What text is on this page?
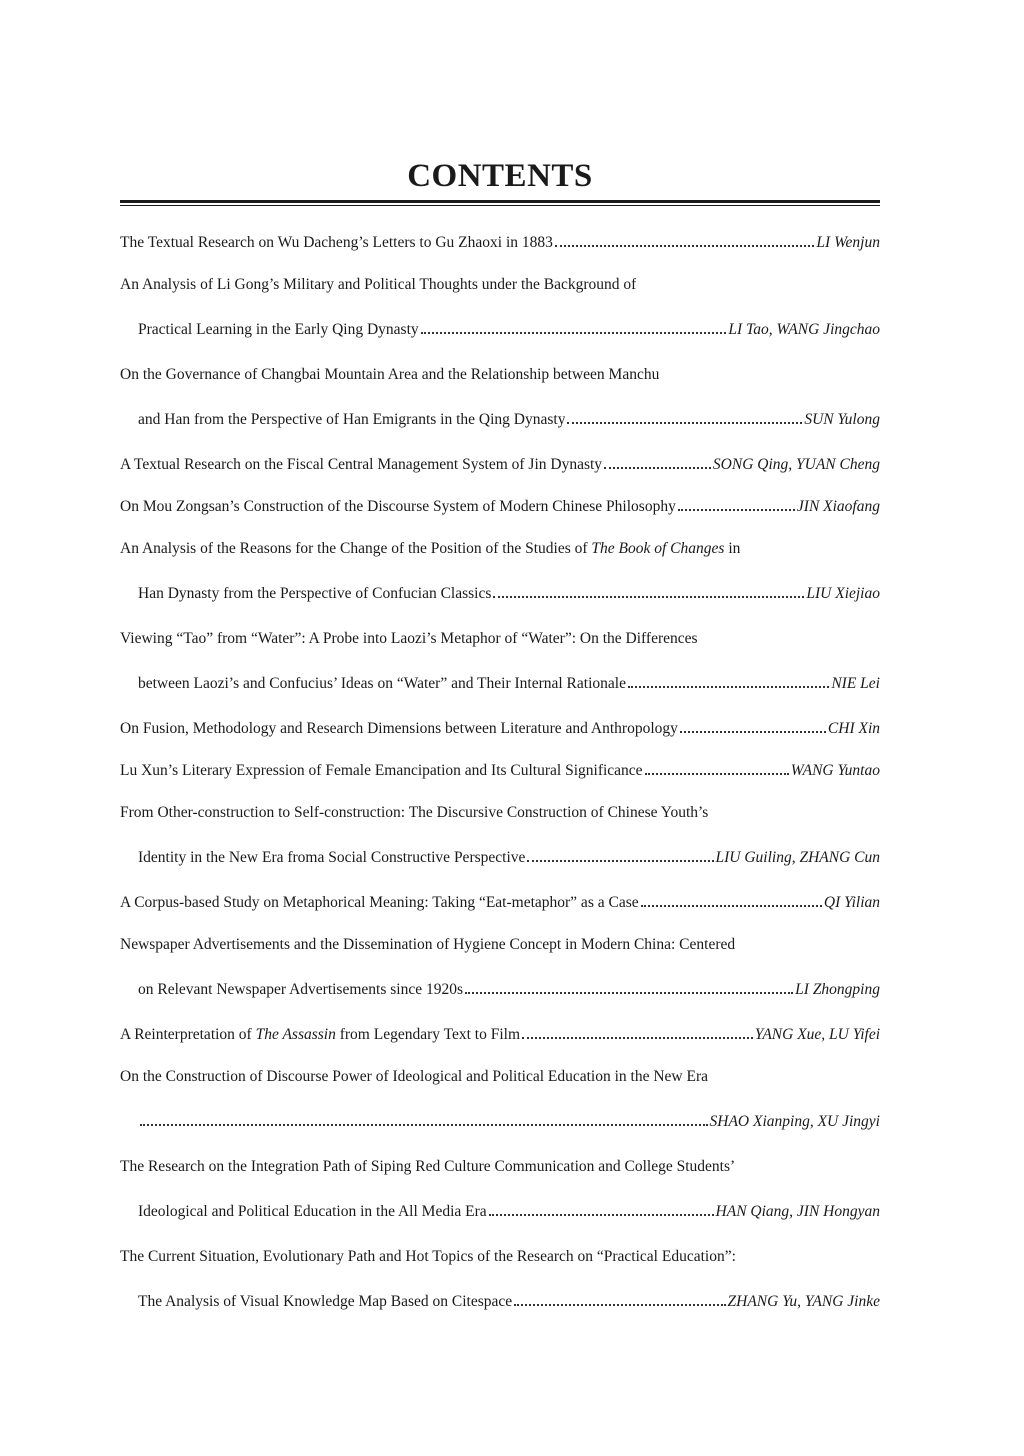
CONTENTS
The Textual Research on Wu Dacheng’s Letters to Gu Zhaoxi in 1883	LI Wenjun
An Analysis of Li Gong’s Military and Political Thoughts under the Background of
Practical Learning in the Early Qing Dynasty	LI Tao, WANG Jingchao
On the Governance of Changbai Mountain Area and the Relationship between Manchu
and Han from the Perspective of Han Emigrants in the Qing Dynasty	SUN Yulong
A Textual Research on the Fiscal Central Management System of Jin Dynasty	SONG Qing, YUAN Cheng
On Mou Zongsan’s Construction of the Discourse System of Modern Chinese Philosophy	JIN Xiaofang
An Analysis of the Reasons for the Change of the Position of the Studies of The Book of Changes in
Han Dynasty from the Perspective of Confucian Classics	LIU Xiejiao
Viewing “Tao” from “Water”: A Probe into Laozi’s Metaphor of “Water”: On the Differences
between Laozi’s and Confucius’ Ideas on “Water” and Their Internal Rationale	NIE Lei
On Fusion, Methodology and Research Dimensions between Literature and Anthropology	CHI Xin
Lu Xun’s Literary Expression of Female Emancipation and Its Cultural Significance	WANG Yuntao
From Other-construction to Self-construction: The Discursive Construction of Chinese Youth’s
Identity in the New Era froma Social Constructive Perspective	LIU Guiling, ZHANG Cun
A Corpus-based Study on Metaphorical Meaning: Taking “Eat-metaphor” as a Case	QI Yilian
Newspaper Advertisements and the Dissemination of Hygiene Concept in Modern China: Centered
on Relevant Newspaper Advertisements since 1920s	LI Zhongping
A Reinterpretation of The Assassin from Legendary Text to Film	YANG Xue, LU Yifei
On the Construction of Discourse Power of Ideological and Political Education in the New Era
SHAO Xianping, XU Jingyi
The Research on the Integration Path of Siping Red Culture Communication and College Students’
Ideological and Political Education in the All Media Era	HAN Qiang, JIN Hongyan
The Current Situation, Evolutionary Path and Hot Topics of the Research on “Practical Education”:
The Analysis of Visual Knowledge Map Based on Citespace	ZHANG Yu, YANG Jinke
